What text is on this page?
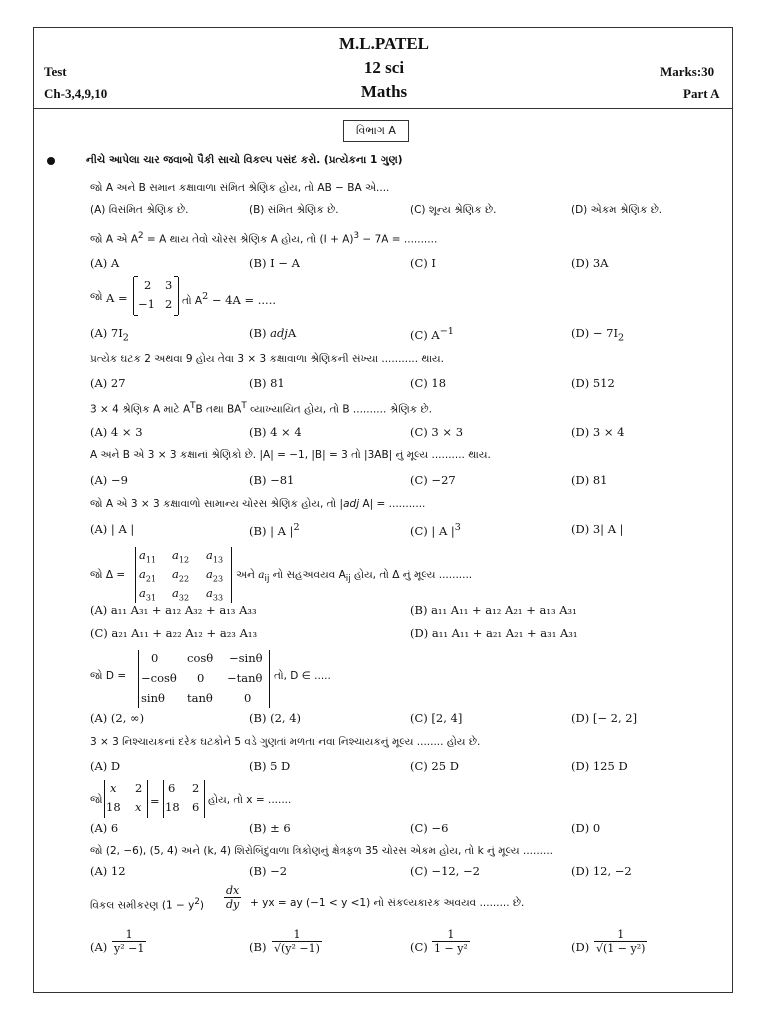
M.L.PATEL
12 sci
Maths
Test
Ch-3,4,9,10
Marks:30
Part A
વિભાગ A
નીચે આપેલા ચાર જવાબો પૈકી સાચો વિકલ્પ પસંદ કરો. (પ્રત્યેકના 1 ગુણ)
જો A અને B સમાન કક્ષાવાળા સંમિત શ્રેણિક હોય, તો AB − BA એ....
(A) વિસંમિત શ્રેણિક છે.	(B) સંમિત શ્રેણિક છે.	(C) શૂન્ય શ્રેણિક છે.	(D) એકમ શ્રેણિક છે.
જો A એ $A^2 = A$ થાય તેવો ચોરસ શ્રેણિક A હોય, તો $(I + A)^3 - 7A$ = ..........
(A) A	(B) I − A	(C) I	(D) 3A
જો A =
2 3
−1 2 તો $A^2 - 4A$ = .....
(A) $7I_2$	(B) adjA	(C) $A^{-1}$	$(D) - 7I_2$
પ્રત્યેક ઘટક 2 અથવા 9 હોય તેવા 3 × 3 કક્ષાવાળા શ્રેણિકની સંખ્યા ........... થાય.
(A) 27	(B) 81	(C) 18	(D) 512
3 × 4 શ્રેણિક A માટે $A^TB$ તથા $BA^T$ વ્યાખ્યાયિત હોય, તો B .......... શ્રેણિક છે.
(A) 4 × 3	(B) 4 × 4	(C) 3 × 3	(D) 3 × 4
A અને B એ 3 × 3 કક્ષાનાં શ્રેણિકો છે. |A| = −1, |B| = 3 તો |3AB| નું મૂલ્ય .......... થાય.
(A) −9	(B) −81	(C) −27	(D) 81
જો A એ 3 × 3 કક્ષાવાળો સામાન્ય ચોરસ શ્રેણિક હોય, તો |adj A| = ...........
(A) | A |	(B) | A $|^2$	(C) | A $|^3$	(D) 3| A |
જો Δ =
$a_{11}$ $a_{12}$ $a_{13}$
$a_{21}$ $a_{22}$ $a_{23}$
$a_{31}$ $a_{32}$ $a_{33}$
અને $a_{ij}$ નો સહઅવયવ $A_{ij}$ હોય, તો Δ નું મૂલ્ય ..........
(A) a₁₁ A₃₁ + a₁₂ A₃₂ + a₁₃ A₃₃	(B) a₁₁ A₁₁ + a₁₂ A₂₁ + a₁₃ A₃₁
(C) a₂₁ A₁₁ + a₂₂ A₁₂ + a₂₃ A₁₃	(D) a₁₁ A₁₁ + a₂₁ A₂₁ + a₃₁ A₃₁
જો D =
0 cosθ −sinθ
−cosθ 0 −tanθ
sinθ tanθ	0
તો, D ∈ .....
(A) (2, ∞)	(B) (2, 4)	(C) [2, 4]	(D) [− 2, 2]
3 × 3 નિશ્ચાયકનાં દરેક ઘટકોને 5 વડે ગુણતાં મળતા નવા નિશ્ચાયકનું મૂલ્ય ........ હોય છે.
(A) D	(B) 5 D	(C) 25 D	(D) 125 D
જો
x 2
18 x =
6 2
18 6 હોય, તો x = .......
(A) 6	(B) ± 6	(C) −6	(D) 0
જો (2, −6), (5, 4) અને (k, 4) શિરોબિંદુવાળા ત્રિકોણનું ક્ષેત્રફળ 35 ચોરસ એકમ હોય, તો k નું મૂલ્ય .........
(A) 12	(B) −2	(C) −12, −2	(D) 12, −2
વિકલ સમીકરણ $(1 - y^2) \frac{dx}{dy}$ + yx = ay (−1 < y <1) નો સંકલ્યકારક અવયવ ......... છે.
$(A) \frac{1}{\text{y² −1}}$	$(B) \frac{1}{\text{√(y² −1)}}$	$(C) \frac{1}{\text{1 − y²}}$	$(D) \frac{1}{\text{√(1 − y²)}}$
